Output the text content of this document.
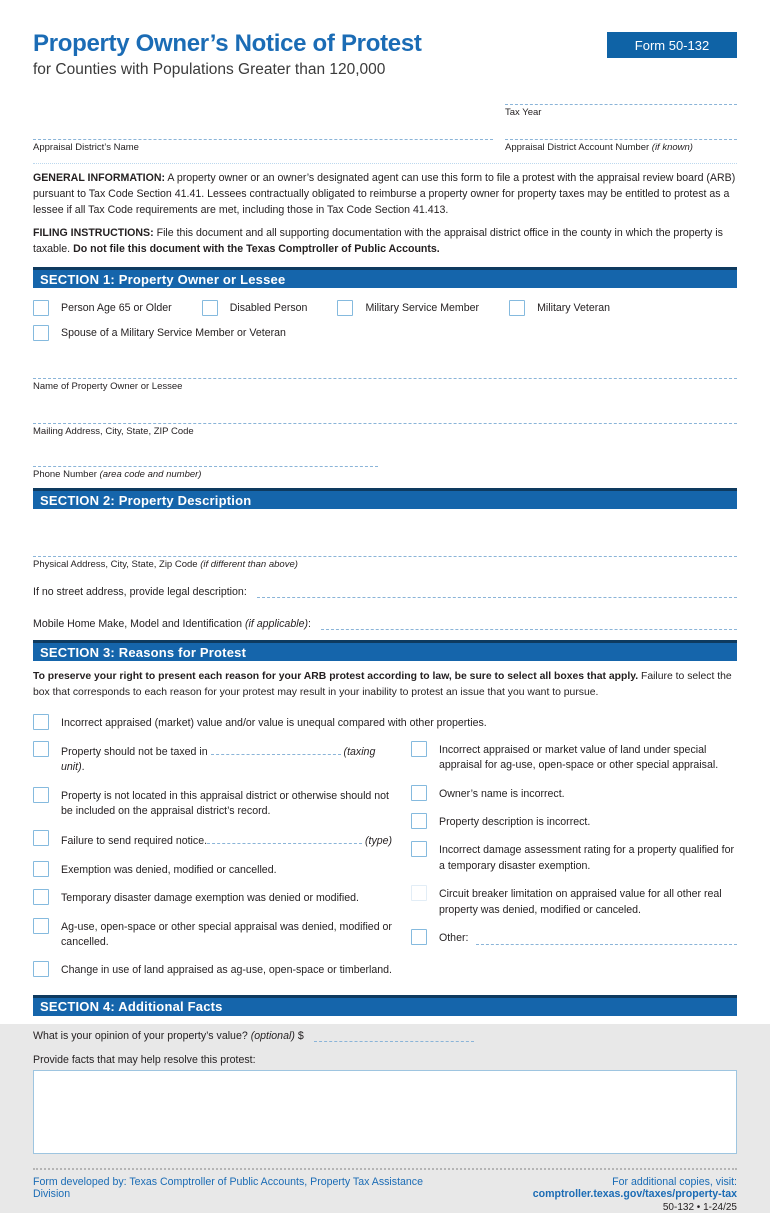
Property Owner’s Notice of Protest
for Counties with Populations Greater than 120,000
Form 50-132
Tax Year
Appraisal District’s Name	Appraisal District Account Number (if known)
GENERAL INFORMATION: A property owner or an owner’s designated agent can use this form to file a protest with the appraisal review board (ARB) pursuant to Tax Code Section 41.41. Lessees contractually obligated to reimburse a property owner for property taxes may be entitled to protest as a lessee if all Tax Code requirements are met, including those in Tax Code Section 41.413.
FILING INSTRUCTIONS: File this document and all supporting documentation with the appraisal district office in the county in which the property is taxable. Do not file this document with the Texas Comptroller of Public Accounts.
SECTION 1: Property Owner or Lessee
Person Age 65 or Older	Disabled Person	Military Service Member	Military Veteran
Spouse of a Military Service Member or Veteran
Name of Property Owner or Lessee
Mailing Address, City, State, ZIP Code
Phone Number (area code and number)
SECTION 2: Property Description
Physical Address, City, State, Zip Code (if different than above)
If no street address, provide legal description:
Mobile Home Make, Model and Identification (if applicable):
SECTION 3: Reasons for Protest
To preserve your right to present each reason for your ARB protest according to law, be sure to select all boxes that apply. Failure to select the box that corresponds to each reason for your protest may result in your inability to protest an issue that you want to pursue.
Incorrect appraised (market) value and/or value is unequal compared with other properties.
Property should not be taxed in	(taxing unit).
Property is not located in this appraisal district or otherwise should not be included on the appraisal district’s record.
Failure to send required notice.	(type)
Exemption was denied, modified or cancelled.
Temporary disaster damage exemption was denied or modified.
Ag-use, open-space or other special appraisal was denied, modified or cancelled.
Change in use of land appraised as ag-use, open-space or timberland.
Incorrect appraised or market value of land under special appraisal for ag-use, open-space or other special appraisal.
Owner’s name is incorrect.
Property description is incorrect.
Incorrect damage assessment rating for a property qualified for a temporary disaster exemption.
Circuit breaker limitation on appraised value for all other real property was denied, modified or canceled.
Other:
SECTION 4: Additional Facts
What is your opinion of your property’s value? (optional) $
Provide facts that may help resolve this protest:
Form developed by: Texas Comptroller of Public Accounts, Property Tax Assistance Division
For additional copies, visit: comptroller.texas.gov/taxes/property-tax
50-132 • 1-24/25
